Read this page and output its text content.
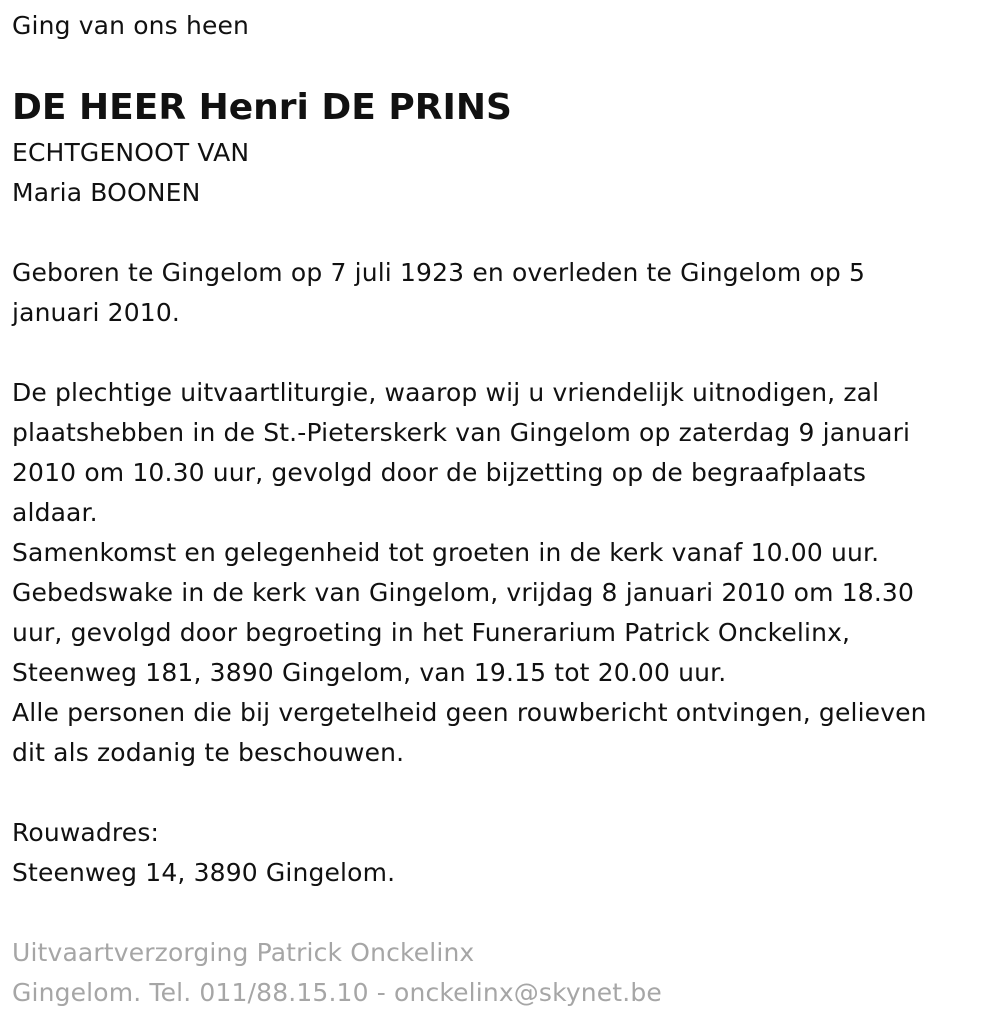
Ging van ons heen
DE HEER Henri DE PRINS
ECHTGENOOT VAN
Maria BOONEN
Geboren te Gingelom op 7 juli 1923 en overleden te Gingelom op 5
januari 2010.
De plechtige uitvaartliturgie, waarop wij u vriendelijk uitnodigen, zal
plaatshebben in de St.-Pieterskerk van Gingelom op zaterdag 9 januari
2010 om 10.30 uur, gevolgd door de bijzetting op de begraafplaats
aldaar.
Samenkomst en gelegenheid tot groeten in de kerk vanaf 10.00 uur.
Gebedswake in de kerk van Gingelom, vrijdag 8 januari 2010 om 18.30
uur, gevolgd door begroeting in het Funerarium Patrick Onckelinx,
Steenweg 181, 3890 Gingelom, van 19.15 tot 20.00 uur.
Alle personen die bij vergetelheid geen rouwbericht ontvingen, gelieven
dit als zodanig te beschouwen.
Rouwadres:
Steenweg 14, 3890 Gingelom.
Uitvaartverzorging Patrick Onckelinx
Gingelom. Tel. 011/88.15.10 - onckelinx@skynet.be
